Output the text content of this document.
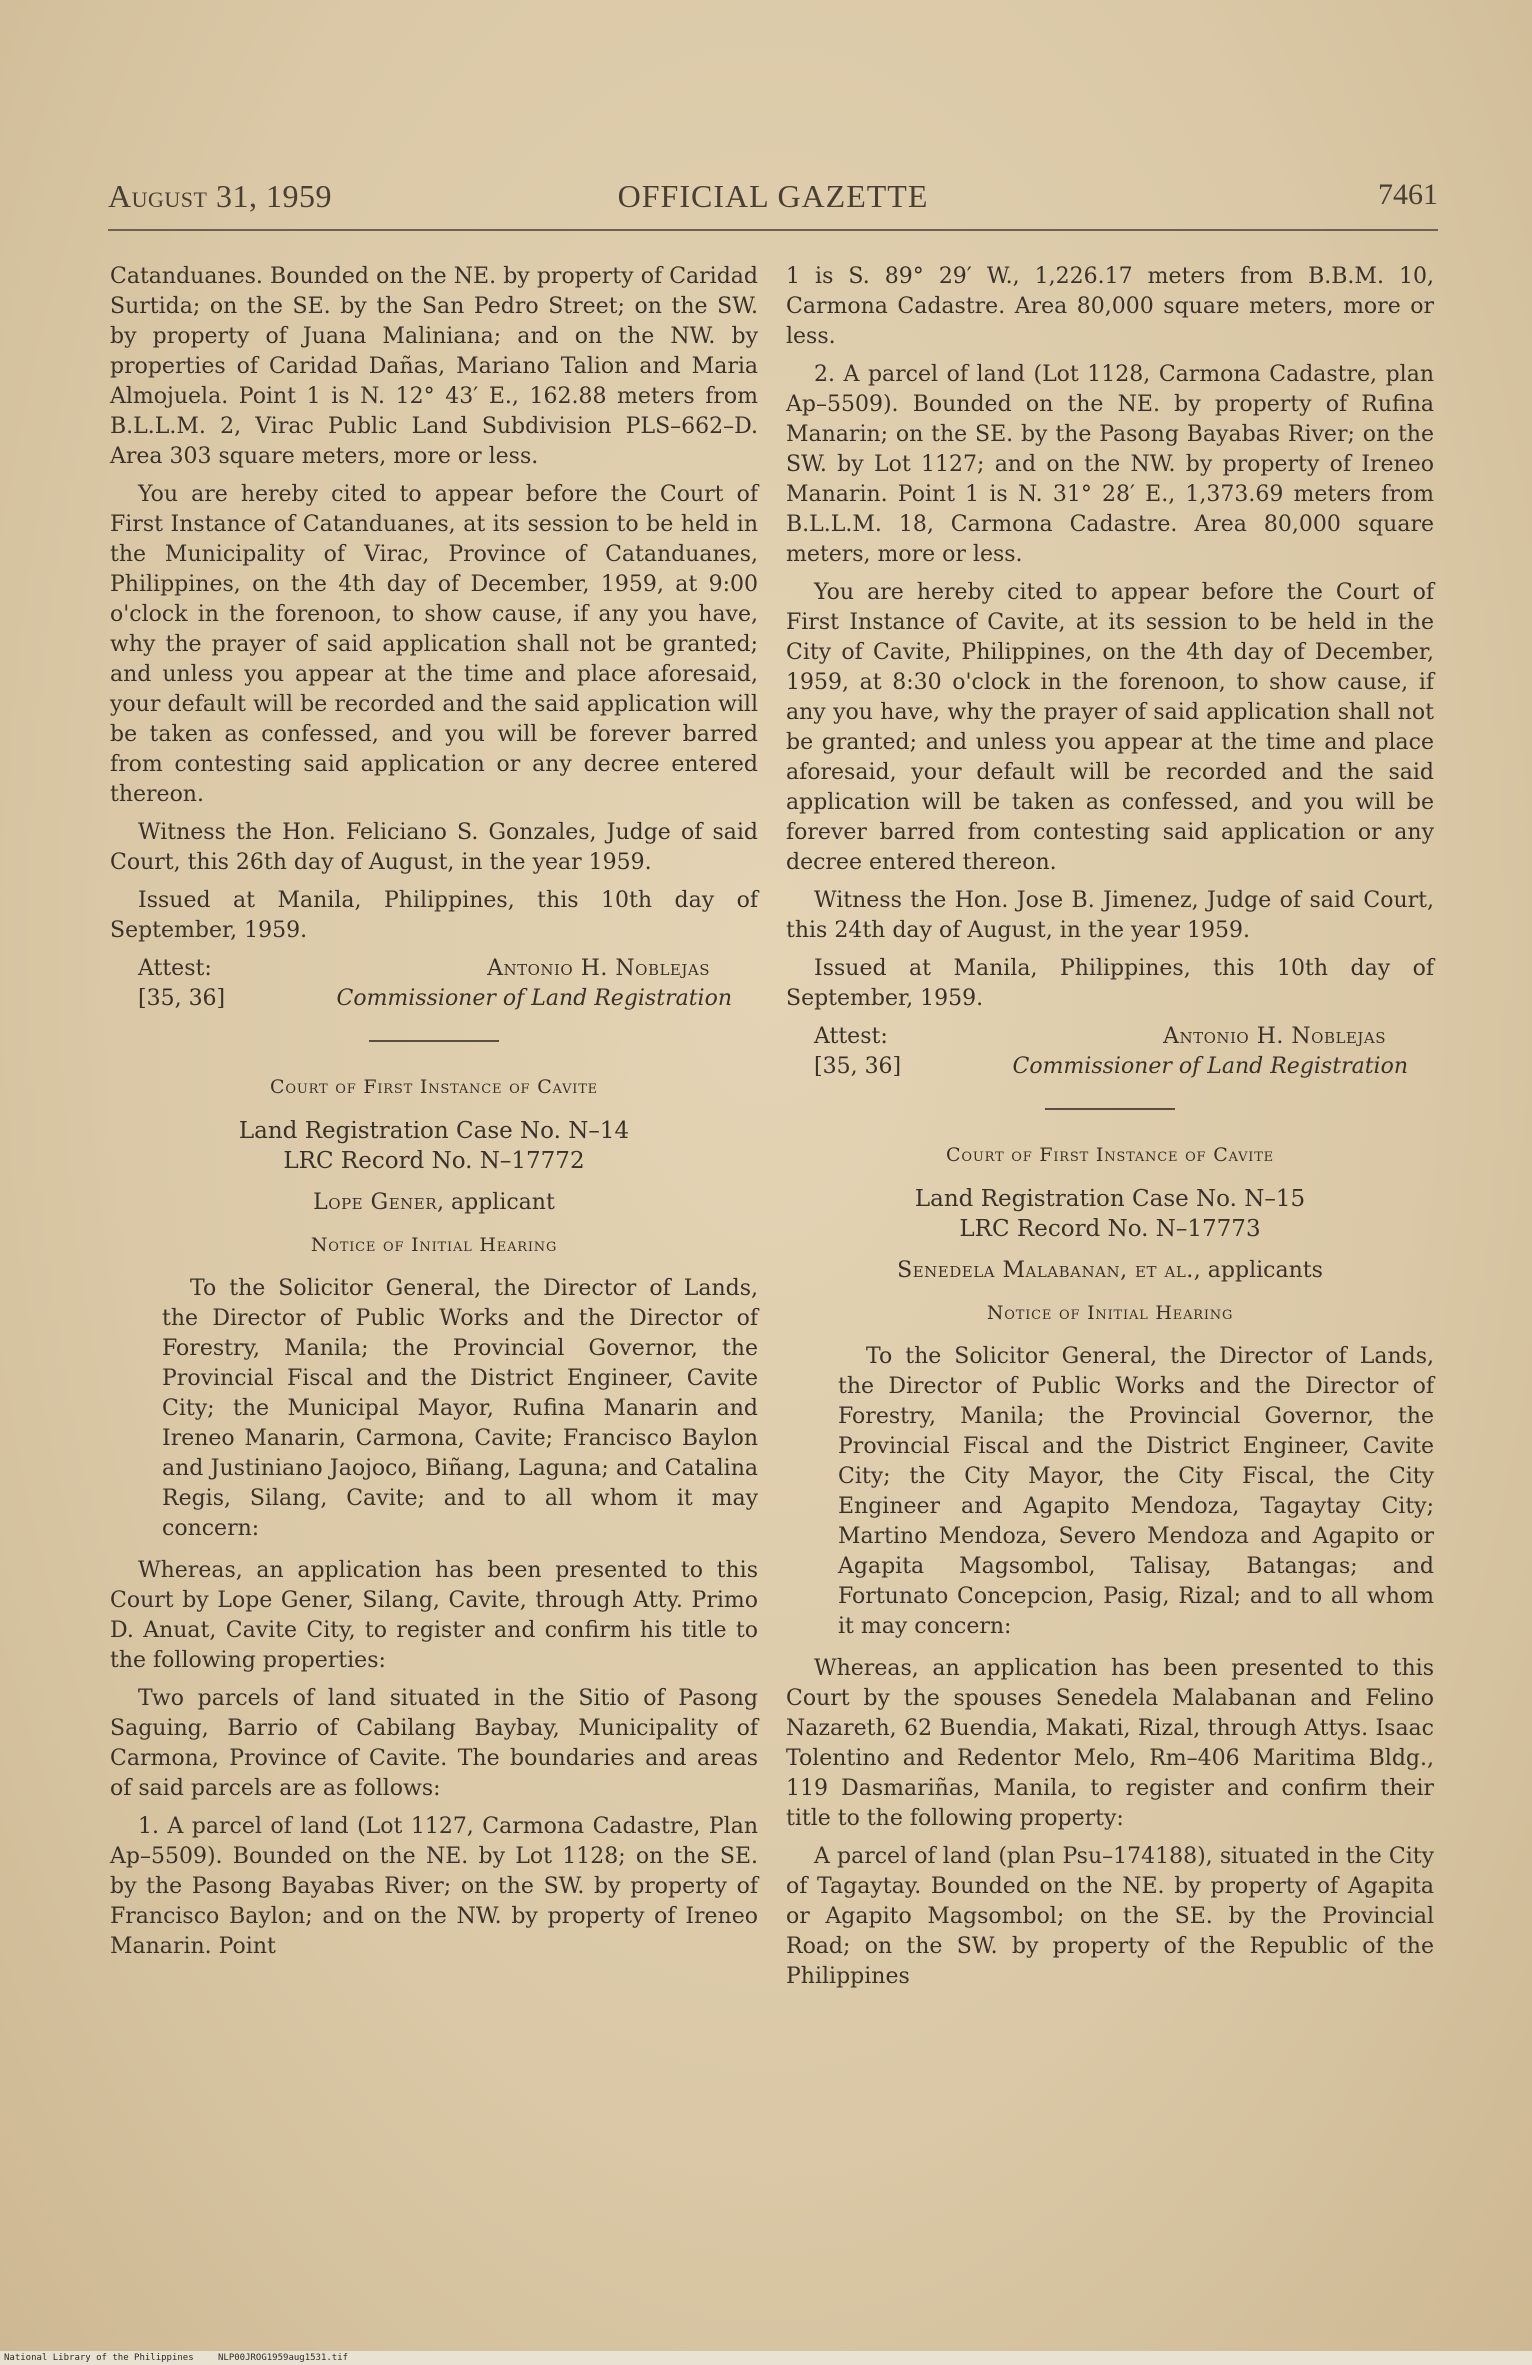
August 31, 1959	OFFICIAL GAZETTE	7461

Catanduanes. Bounded on the NE. by property of Caridad Surtida; on the SE. by the San Pedro Street; on the SW. by property of Juana Maliniana; and on the NW. by properties of Caridad Dañas, Mariano Talion and Maria Almojuela. Point 1 is N. 12° 43′ E., 162.88 meters from B.L.L.M. 2, Virac Public Land Subdivision PLS–662–D. Area 303 square meters, more or less.

You are hereby cited to appear before the Court of First Instance of Catanduanes, at its session to be held in the Municipality of Virac, Province of Catanduanes, Philippines, on the 4th day of December, 1959, at 9:00 o'clock in the forenoon, to show cause, if any you have, why the prayer of said application shall not be granted; and unless you appear at the time and place aforesaid, your default will be recorded and the said application will be taken as confessed, and you will be forever barred from contesting said application or any decree entered thereon.

Witness the Hon. Feliciano S. Gonzales, Judge of said Court, this 26th day of August, in the year 1959.

Issued at Manila, Philippines, this 10th day of September, 1959.

Attest:
[35, 36]
Antonio H. Noblejas
Commissioner of Land Registration
Court of First Instance of Cavite
Land Registration Case No. N–14
LRC Record No. N–17772
Lope Gener, applicant
Notice of Initial Hearing

To the Solicitor General, the Director of Lands, the Director of Public Works and the Director of Forestry, Manila; the Provincial Governor, the Provincial Fiscal and the District Engineer, Cavite City; the Municipal Mayor, Rufina Manarin and Ireneo Manarin, Carmona, Cavite; Francisco Baylon and Justiniano Jaojoco, Biñang, Laguna; and Catalina Regis, Silang, Cavite; and to all whom it may concern:

Whereas, an application has been presented to this Court by Lope Gener, Silang, Cavite, through Atty. Primo D. Anuat, Cavite City, to register and confirm his title to the following properties:

Two parcels of land situated in the Sitio of Pasong Saguing, Barrio of Cabilang Baybay, Municipality of Carmona, Province of Cavite. The boundaries and areas of said parcels are as follows:

1. A parcel of land (Lot 1127, Carmona Cadastre, Plan Ap–5509). Bounded on the NE. by Lot 1128; on the SE. by the Pasong Bayabas River; on the SW. by property of Francisco Baylon; and on the NW. by property of Ireneo Manarin. Point

1 is S. 89° 29′ W., 1,226.17 meters from B.B.M. 10, Carmona Cadastre. Area 80,000 square meters, more or less.

2. A parcel of land (Lot 1128, Carmona Cadastre, plan Ap–5509). Bounded on the NE. by property of Rufina Manarin; on the SE. by the Pasong Bayabas River; on the SW. by Lot 1127; and on the NW. by property of Ireneo Manarin. Point 1 is N. 31° 28′ E., 1,373.69 meters from B.L.L.M. 18, Carmona Cadastre. Area 80,000 square meters, more or less.

You are hereby cited to appear before the Court of First Instance of Cavite, at its session to be held in the City of Cavite, Philippines, on the 4th day of December, 1959, at 8:30 o'clock in the forenoon, to show cause, if any you have, why the prayer of said application shall not be granted; and unless you appear at the time and place aforesaid, your default will be recorded and the said application will be taken as confessed, and you will be forever barred from contesting said application or any decree entered thereon.

Witness the Hon. Jose B. Jimenez, Judge of said Court, this 24th day of August, in the year 1959.

Issued at Manila, Philippines, this 10th day of September, 1959.

Attest:
[35, 36]
Antonio H. Noblejas
Commissioner of Land Registration
Court of First Instance of Cavite
Land Registration Case No. N–15
LRC Record No. N–17773
Senedela Malabanan, et al., applicants
Notice of Initial Hearing

To the Solicitor General, the Director of Lands, the Director of Public Works and the Director of Forestry, Manila; the Provincial Governor, the Provincial Fiscal and the District Engineer, Cavite City; the City Mayor, the City Fiscal, the City Engineer and Agapito Mendoza, Tagaytay City; Martino Mendoza, Severo Mendoza and Agapito or Agapita Magsombol, Talisay, Batangas; and Fortunato Concepcion, Pasig, Rizal; and to all whom it may concern:

Whereas, an application has been presented to this Court by the spouses Senedela Malabanan and Felino Nazareth, 62 Buendia, Makati, Rizal, through Attys. Isaac Tolentino and Redentor Melo, Rm–406 Maritima Bldg., 119 Dasmariñas, Manila, to register and confirm their title to the following property:

A parcel of land (plan Psu–174188), situated in the City of Tagaytay. Bounded on the NE. by property of Agapita or Agapito Magsombol; on the SE. by the Provincial Road; on the SW. by property of the Republic of the Philippines

National Library of the Philippines	NLP00JROG1959aug1531.tif
